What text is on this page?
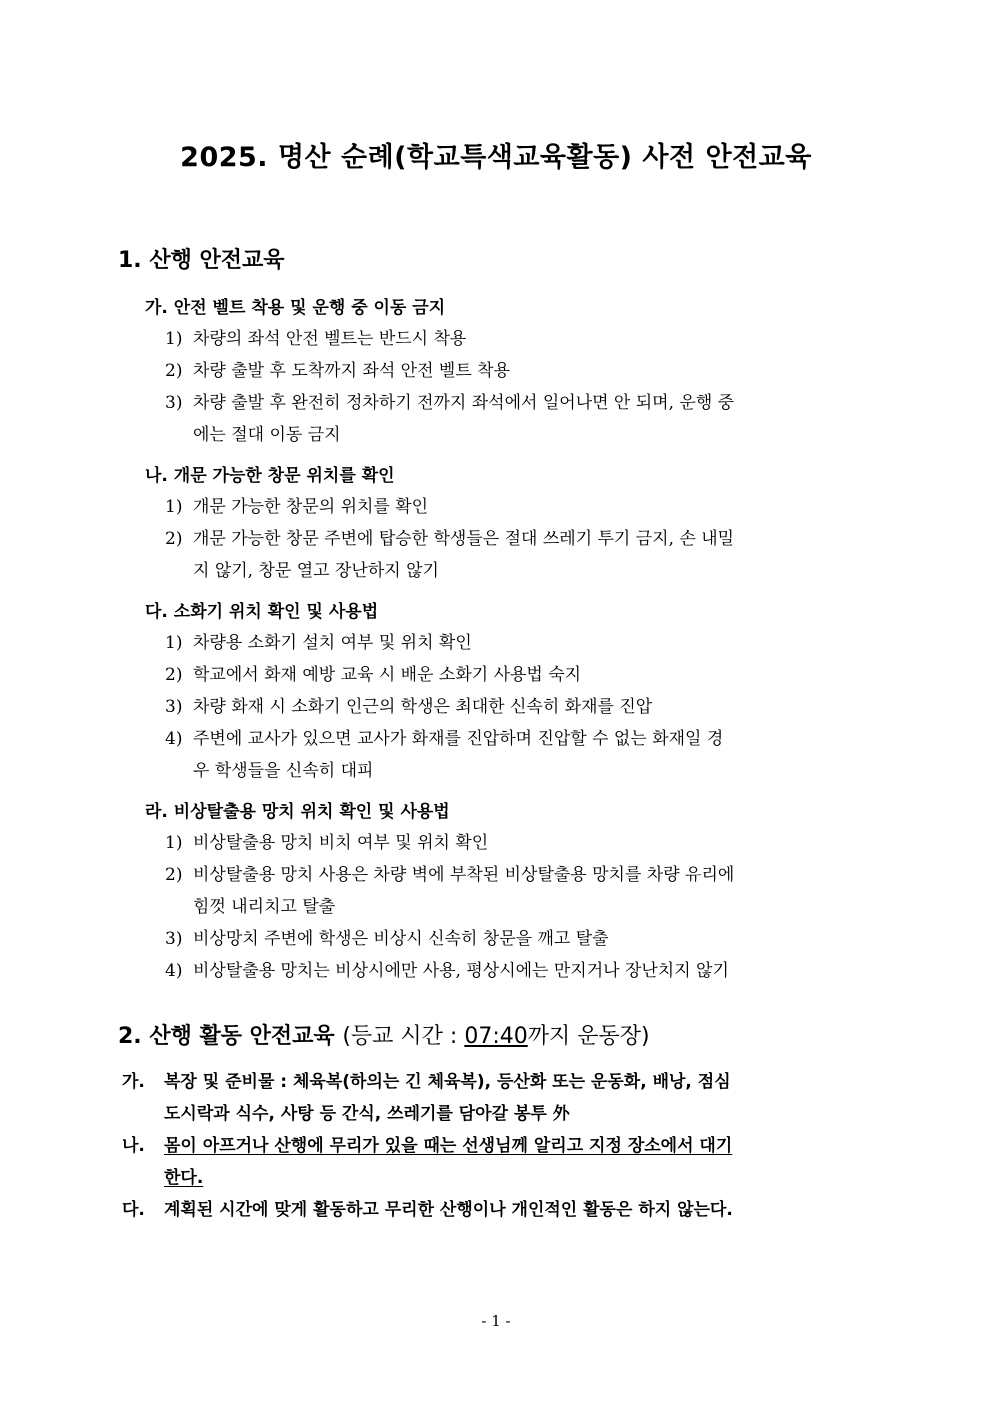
2025. 명산 순례(학교특색교육활동) 사전 안전교육
1. 산행 안전교육
가. 안전 벨트 착용 및 운행 중 이동 금지
1) 차량의 좌석 안전 벨트는 반드시 착용
2) 차량 출발 후 도착까지 좌석 안전 벨트 착용
3) 차량 출발 후 완전히 정차하기 전까지 좌석에서 일어나면 안 되며, 운행 중
에는 절대 이동 금지
나. 개문 가능한 창문 위치를 확인
1) 개문 가능한 창문의 위치를 확인
2) 개문 가능한 창문 주변에 탑승한 학생들은 절대 쓰레기 투기 금지, 손 내밀
지 않기, 창문 열고 장난하지 않기
다. 소화기 위치 확인 및 사용법
1) 차량용 소화기 설치 여부 및 위치 확인
2) 학교에서 화재 예방 교육 시 배운 소화기 사용법 숙지
3) 차량 화재 시 소화기 인근의 학생은 최대한 신속히 화재를 진압
4) 주변에 교사가 있으면 교사가 화재를 진압하며 진압할 수 없는 화재일 경
우 학생들을 신속히 대피
라. 비상탈출용 망치 위치 확인 및 사용법
1) 비상탈출용 망치 비치 여부 및 위치 확인
2) 비상탈출용 망치 사용은 차량 벽에 부착된 비상탈출용 망치를 차량 유리에
힘껏 내리치고 탈출
3) 비상망치 주변에 학생은 비상시 신속히 창문을 깨고 탈출
4) 비상탈출용 망치는 비상시에만 사용, 평상시에는 만지거나 장난치지 않기
2. 산행 활동 안전교육 (등교 시간 : 07:40까지 운동장)
가. 복장 및 준비물 : 체육복(하의는 긴 체육복), 등산화 또는 운동화, 배낭, 점심
도시락과 식수, 사탕 등 간식, 쓰레기를 담아갈 봉투 外
나. 몸이 아프거나 산행에 무리가 있을 때는 선생님께 알리고 지정 장소에서 대기
한다.
다. 계획된 시간에 맞게 활동하고 무리한 산행이나 개인적인 활동은 하지 않는다.
- 1 -
